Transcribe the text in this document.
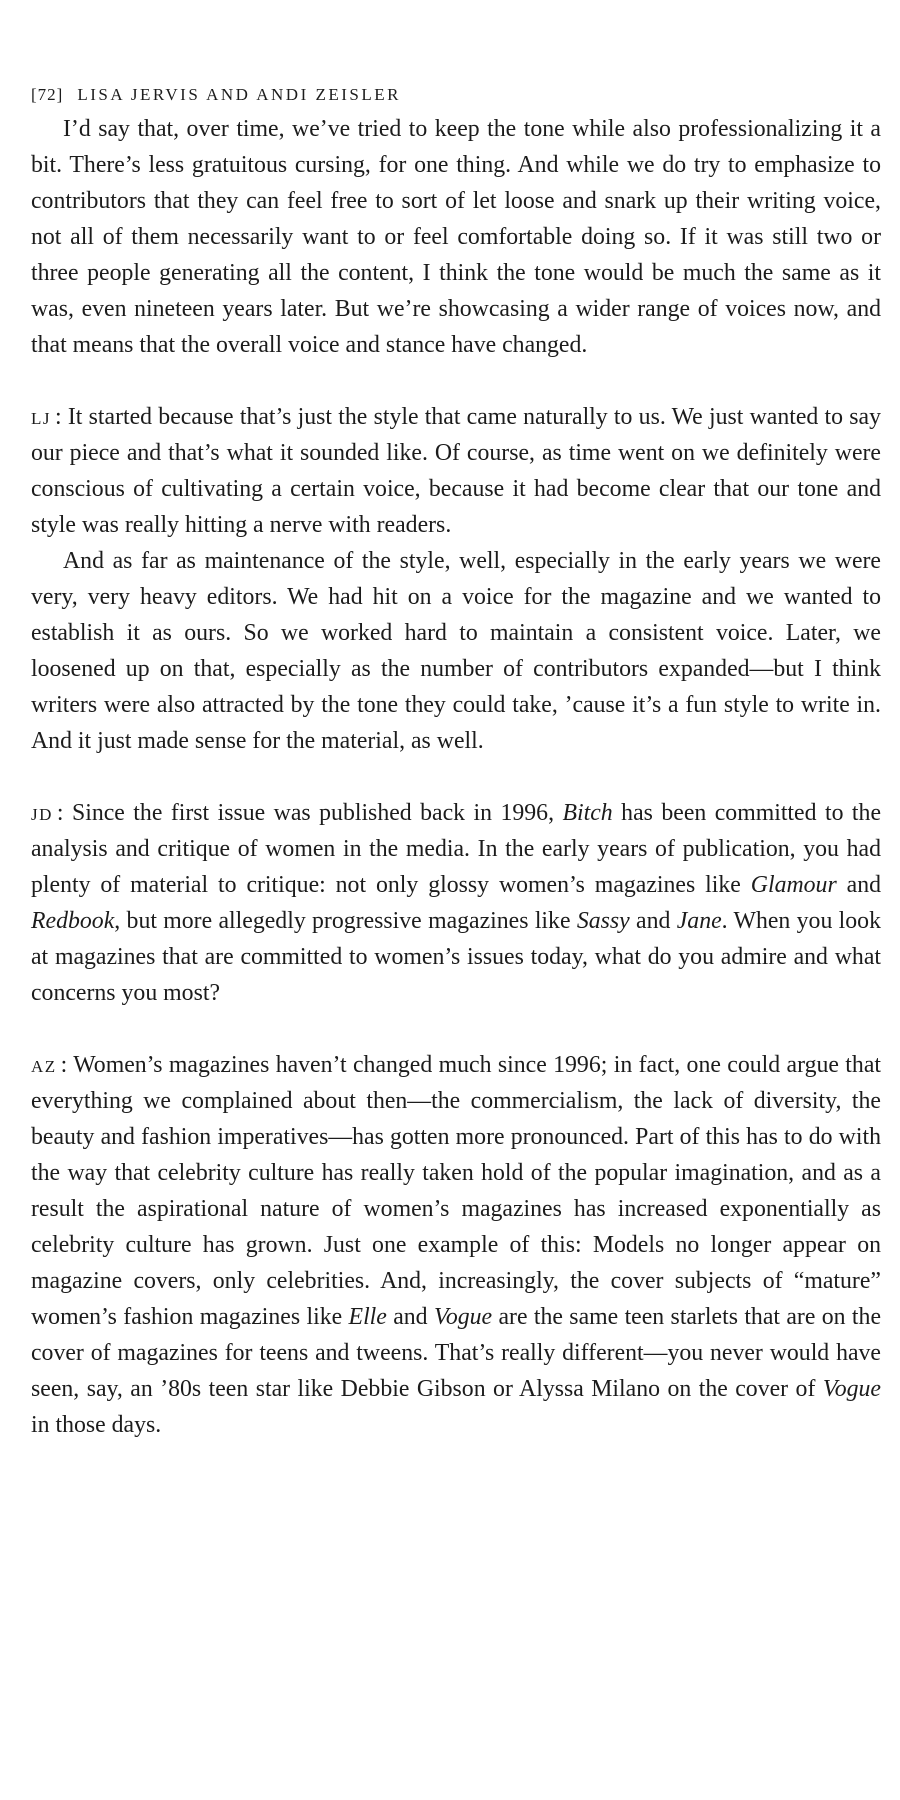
[72] LISA JERVIS AND ANDI ZEISLER

I’d say that, over time, we’ve tried to keep the tone while also professionalizing it a bit. There’s less gratuitous cursing, for one thing. And while we do try to emphasize to contributors that they can feel free to sort of let loose and snark up their writing voice, not all of them necessarily want to or feel comfortable doing so. If it was still two or three people generating all the content, I think the tone would be much the same as it was, even nineteen years later. But we’re showcasing a wider range of voices now, and that means that the overall voice and stance have changed.

lj : It started because that’s just the style that came naturally to us. We just wanted to say our piece and that’s what it sounded like. Of course, as time went on we definitely were conscious of cultivating a certain voice, because it had become clear that our tone and style was really hitting a nerve with readers.

And as far as maintenance of the style, well, especially in the early years we were very, very heavy editors. We had hit on a voice for the magazine and we wanted to establish it as ours. So we worked hard to maintain a consistent voice. Later, we loosened up on that, especially as the number of contributors expanded—but I think writers were also attracted by the tone they could take, ’cause it’s a fun style to write in. And it just made sense for the material, as well.

jd : Since the first issue was published back in 1996, Bitch has been committed to the analysis and critique of women in the media. In the early years of publication, you had plenty of material to critique: not only glossy women’s magazines like Glamour and Redbook, but more allegedly progressive magazines like Sassy and Jane. When you look at magazines that are committed to women’s issues today, what do you admire and what concerns you most?

az : Women’s magazines haven’t changed much since 1996; in fact, one could argue that everything we complained about then—the commercialism, the lack of diversity, the beauty and fashion imperatives—has gotten more pronounced. Part of this has to do with the way that celebrity culture has really taken hold of the popular imagination, and as a result the aspirational nature of women’s magazines has increased exponentially as celebrity culture has grown. Just one example of this: Models no longer appear on magazine covers, only celebrities. And, increasingly, the cover subjects of “mature” women’s fashion magazines like Elle and Vogue are the same teen starlets that are on the cover of magazines for teens and tweens. That’s really different—you never would have seen, say, an ’80s teen star like Debbie Gibson or Alyssa Milano on the cover of Vogue in those days.
